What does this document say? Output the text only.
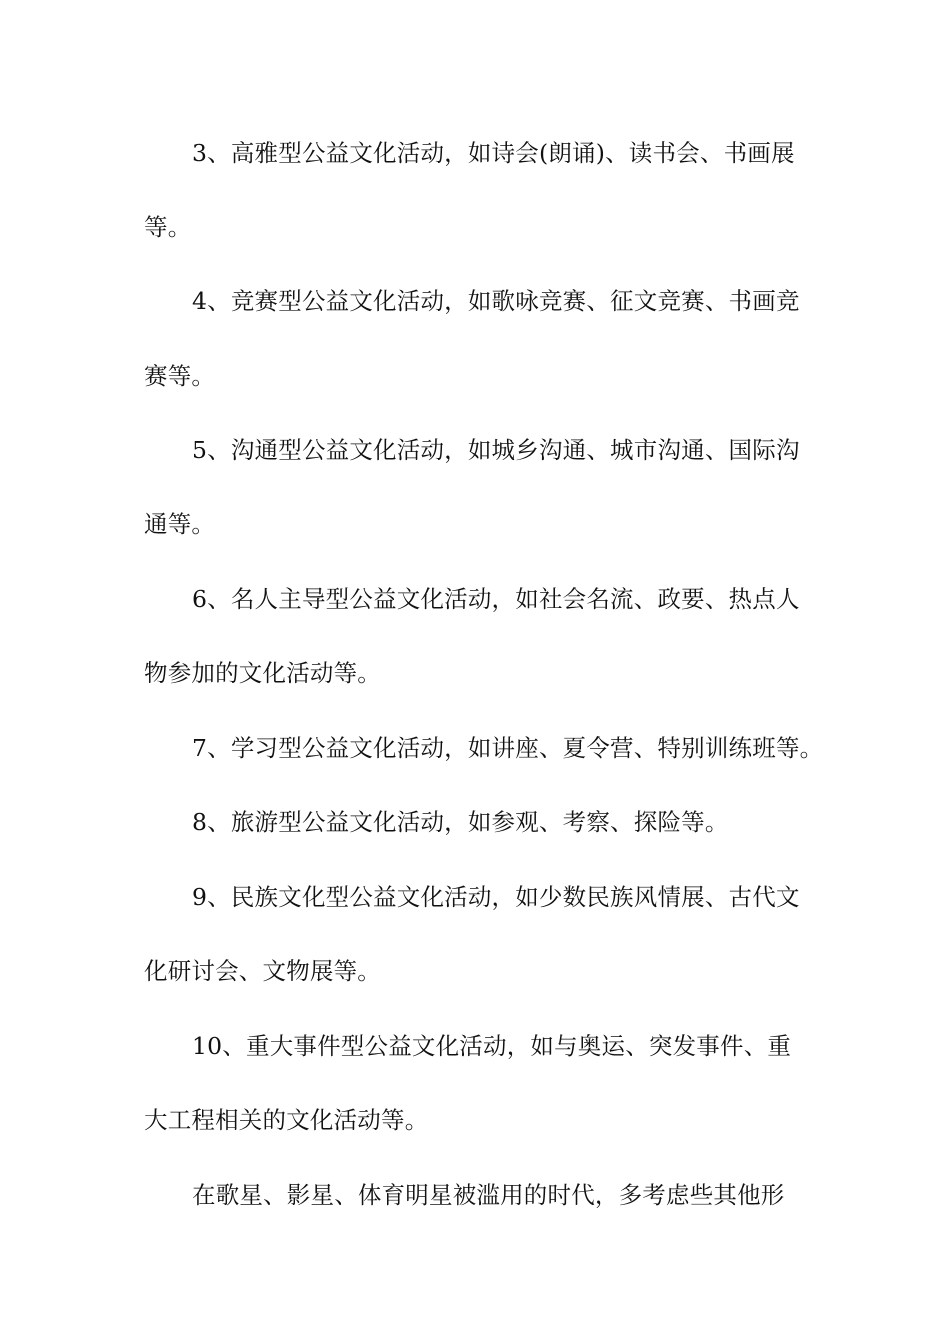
3、高雅型公益文化活动，如诗会(朗诵)、读书会、书画展
等。
4、竞赛型公益文化活动，如歌咏竞赛、征文竞赛、书画竞
赛等。
5、沟通型公益文化活动，如城乡沟通、城市沟通、国际沟
通等。
6、名人主导型公益文化活动，如社会名流、政要、热点人
物参加的文化活动等。
7、学习型公益文化活动，如讲座、夏令营、特别训练班等。
8、旅游型公益文化活动，如参观、考察、探险等。
9、民族文化型公益文化活动，如少数民族风情展、古代文
化研讨会、文物展等。
10、重大事件型公益文化活动，如与奥运、突发事件、重
大工程相关的文化活动等。
在歌星、影星、体育明星被滥用的时代，多考虑些其他形
